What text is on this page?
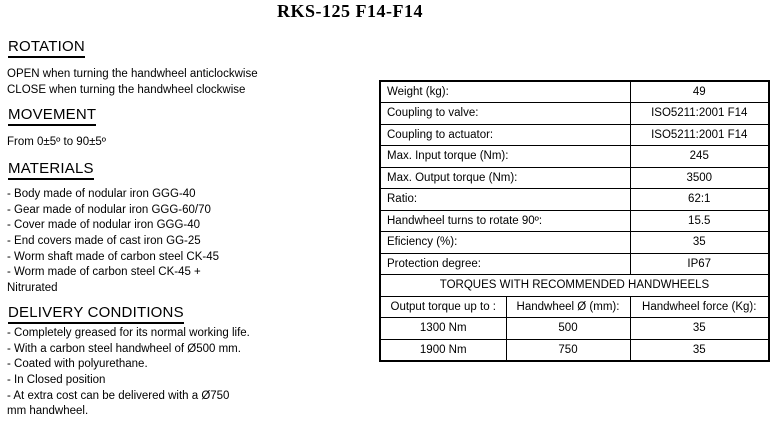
RKS-125 F14-F14
ROTATION
OPEN when turning the handwheel anticlockwise
CLOSE when turning the handwheel clockwise
MOVEMENT
From 0±5º to 90±5º
MATERIALS
- Body made of nodular iron GGG-40
- Gear made of nodular iron GGG-60/70
- Cover made of nodular iron GGG-40
- End covers made of cast iron GG-25
- Worm shaft made of carbon steel CK-45
- Worm made of carbon steel CK-45 +
Nitrurated
DELIVERY CONDITIONS
- Completely greased for its normal working life.
- With a carbon steel handwheel of Ø500 mm.
- Coated with polyurethane.
- In Closed position
- At extra cost can be delivered with a Ø750
mm handwheel.
Weight (kg):		49
Coupling to valve:		ISO5211:2001 F14
Coupling to actuator:		ISO5211:2001 F14
Max. Input torque (Nm):		245
Max. Output torque (Nm):		3500
Ratio:		62:1
Handwheel turns to rotate 90º:		15.5
Eficiency (%):		35
Protection degree:		IP67
TORQUES WITH RECOMMENDED HANDWHEELS		
Output torque up to :	Handwheel Ø (mm):	Handwheel force (Kg):
1300 Nm	500	35
1900 Nm	750	35
